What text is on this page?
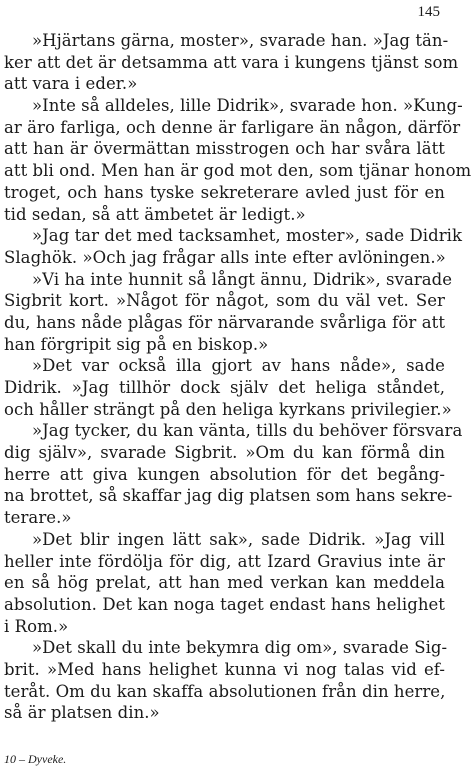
145
»Hjärtans gärna, moster», svarade han. »Jag tän-
ker att det är detsamma att vara i kungens tjänst som
att vara i eder.»
»Inte så alldeles, lille Didrik», svarade hon. »Kung-
ar äro farliga, och denne är farligare än någon, därför
att han är övermättan misstrogen och har svåra lätt
att bli ond. Men han är god mot den, som tjänar honom
troget, och hans tyske sekreterare avled just för en
tid sedan, så att ämbetet är ledigt.»
»Jag tar det med tacksamhet, moster», sade Didrik
Slaghök. »Och jag frågar alls inte efter avlöningen.»
»Vi ha inte hunnit så långt ännu, Didrik», svarade
Sigbrit kort. »Något för något, som du väl vet. Ser
du, hans nåde plågas för närvarande svårliga för att
han förgripit sig på en biskop.»
»Det var också illa gjort av hans nåde», sade
Didrik. »Jag tillhör dock själv det heliga ståndet,
och håller strängt på den heliga kyrkans privilegier.»
»Jag tycker, du kan vänta, tills du behöver försvara
dig själv», svarade Sigbrit. »Om du kan förmå din
herre att giva kungen absolution för det begång-
na brottet, så skaffar jag dig platsen som hans sekre-
terare.»
»Det blir ingen lätt sak», sade Didrik. »Jag vill
heller inte fördölja för dig, att Izard Gravius inte är
en så hög prelat, att han med verkan kan meddela
absolution. Det kan noga taget endast hans helighet
i Rom.»
»Det skall du inte bekymra dig om», svarade Sig-
brit. »Med hans helighet kunna vi nog talas vid ef-
teråt. Om du kan skaffa absolutionen från din herre,
så är platsen din.»
10 – Dyveke.
